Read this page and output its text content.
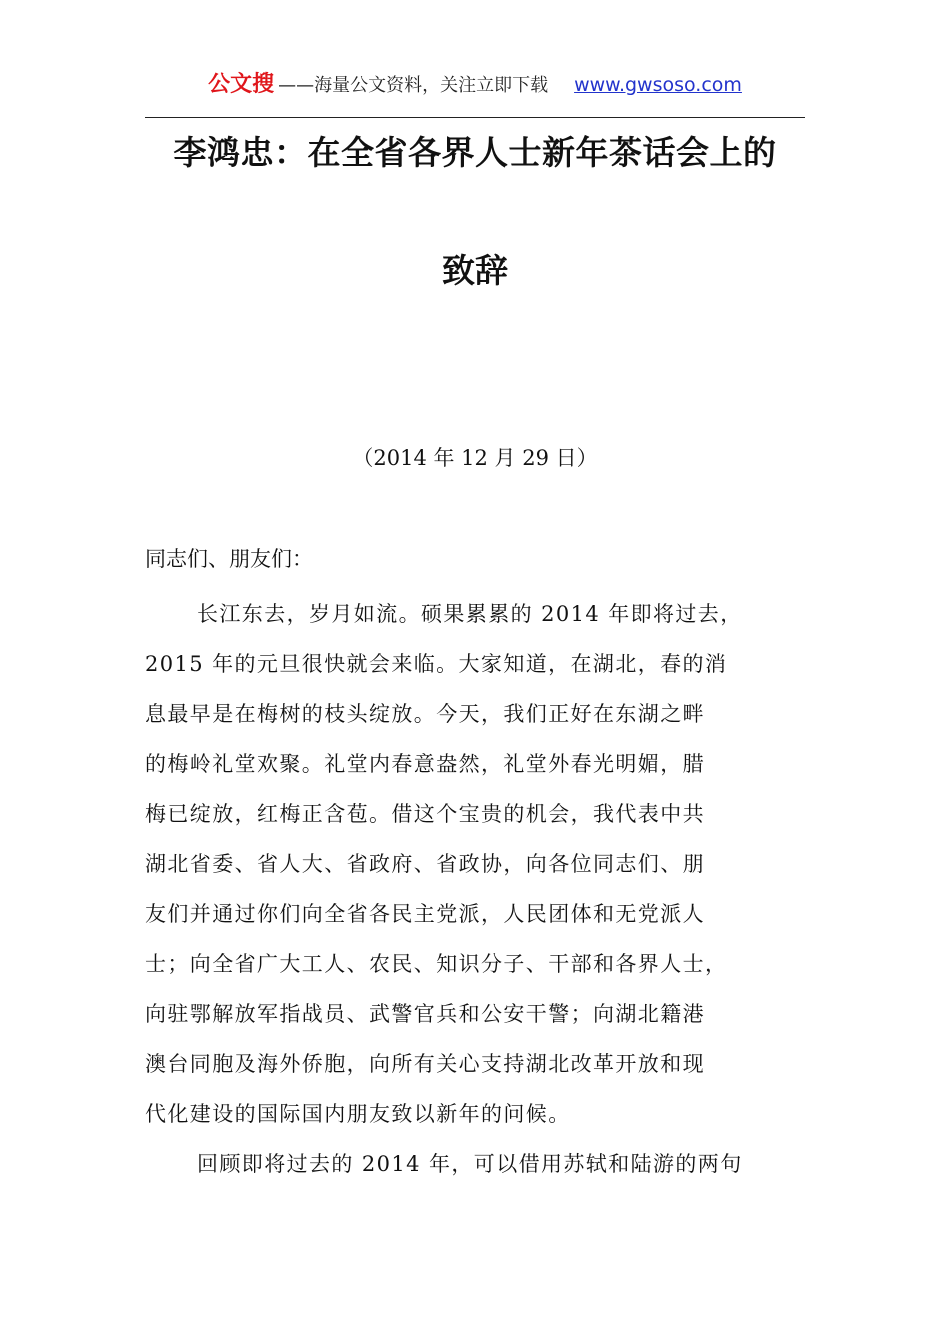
公文搜 ——海量公文资料，关注立即下载 www.gwsoso.com
李鸿忠：在全省各界人士新年茶话会上的
致辞
（2014 年 12 月 29 日）
同志们、朋友们：
长江东去，岁月如流。硕果累累的 2014 年即将过去，
2015 年的元旦很快就会来临。大家知道，在湖北，春的消
息最早是在梅树的枝头绽放。今天，我们正好在东湖之畔
的梅岭礼堂欢聚。礼堂内春意盎然，礼堂外春光明媚，腊
梅已绽放，红梅正含苞。借这个宝贵的机会，我代表中共
湖北省委、省人大、省政府、省政协，向各位同志们、朋
友们并通过你们向全省各民主党派，人民团体和无党派人
士；向全省广大工人、农民、知识分子、干部和各界人士，
向驻鄂解放军指战员、武警官兵和公安干警；向湖北籍港
澳台同胞及海外侨胞，向所有关心支持湖北改革开放和现
代化建设的国际国内朋友致以新年的问候。
回顾即将过去的 2014 年，可以借用苏轼和陆游的两句
